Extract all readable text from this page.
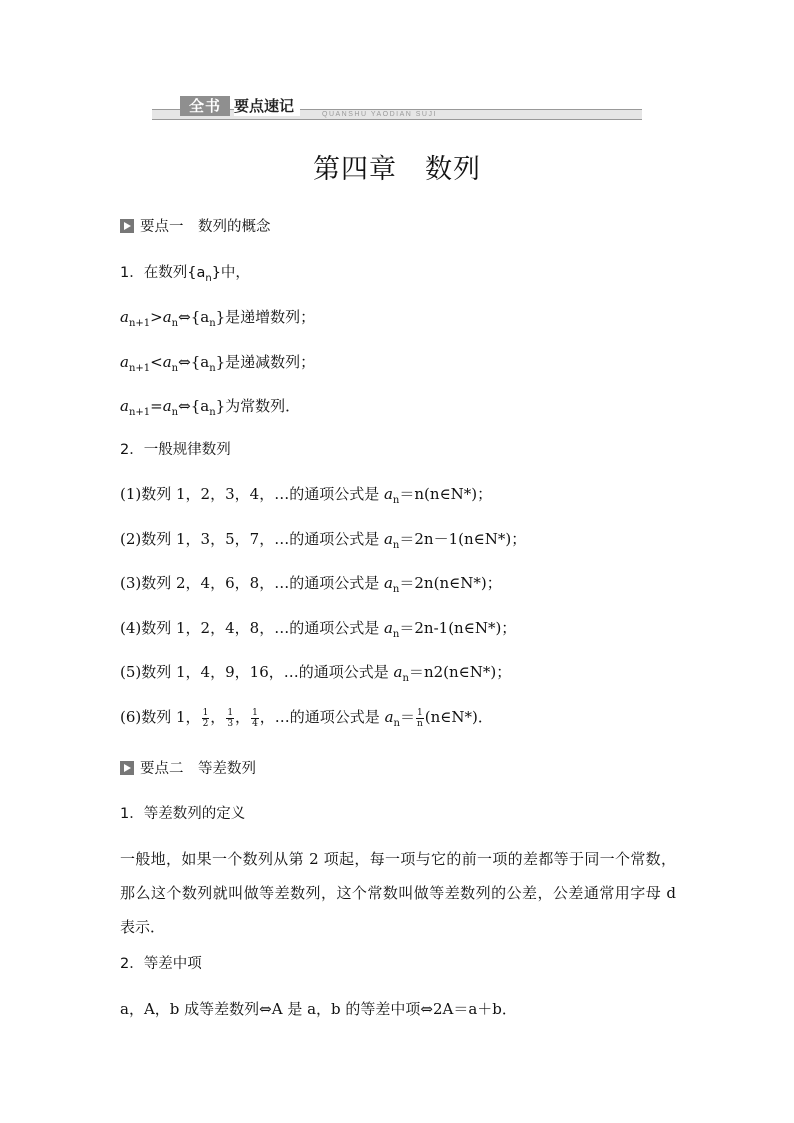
全书 要点速记	QUANSHU YAODIAN SUJI
第四章　数列
要点一　数列的概念
1．在数列$\{a_n\}$中，
$a_{n+1}>a_n\Leftrightarrow\{a_n\}$是递增数列；
$a_{n+1}<a_n\Leftrightarrow\{a_n\}$是递减数列；
$a_{n+1}=a_n\Leftrightarrow\{a_n\}$为常数列．
2．一般规律数列
(1)数列 1，2，3，4，…的通项公式是 $a_n=n(n\in N*)$；
(2)数列 1，3，5，7，…的通项公式是 $a_n=2n-1(n\in N*)$；
(3)数列 2，4，6，8，…的通项公式是 $a_n=2n(n\in N*)$；
(4)数列 1，2，4，8，…的通项公式是 $a_n=2n-1(n\in N*)$；
(5)数列 1，4，9，16，…的通项公式是 $a_n=n2(n\in N*)$；
(6)数列 1， $\frac{1}{2}$ ， $\frac{1}{3}$ ， $\frac{1}{4}$ ，…的通项公式是 $a_n= \frac{1}{n}$ (n∈N*)．
要点二　等差数列
1．等差数列的定义
一般地，如果一个数列从第 2 项起，每一项与它的前一项的差都等于同一个常数，那么这个数列就叫做等差数列，这个常数叫做等差数列的公差，公差通常用字母 d 表示．
2．等差中项
a，A，b 成等差数列⇔A 是 a，b 的等差中项⇔2A＝a＋b．
